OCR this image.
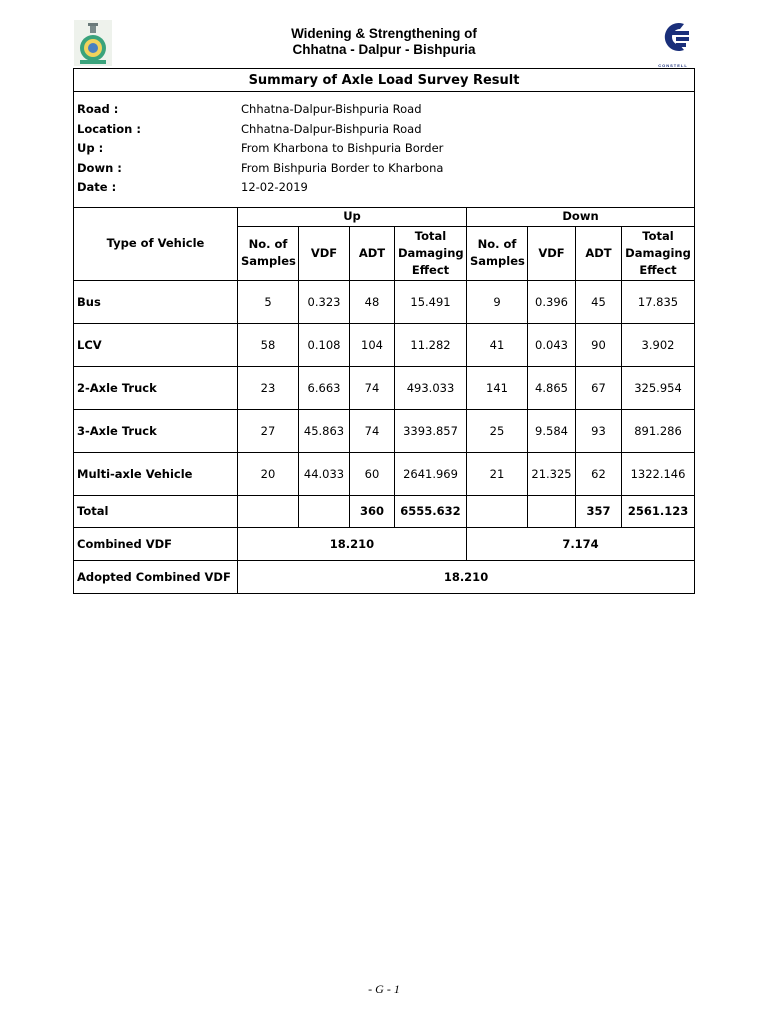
Widening & Strengthening of
Chhatna - Dalpur - Bishpuria
CONSTELL
Summary of Axle Load Survey Result								

Road : Chhatna-Dalpur-Bishpuria Road
Location : Chhatna-Dalpur-Bishpuria Road
Up : From Kharbona to Bishpuria Border
Down : From Bishpuria Border to Kharbona
Date : 12-02-2019								

Type of Vehicle	Up				Down			
	No. of Samples	VDF	ADT	Total Damaging Effect	No. of Samples	VDF	ADT	Total Damaging Effect
Bus	5	0.323	48	15.491	9	0.396	45	17.835
LCV	58	0.108	104	11.282	41	0.043	90	3.902
2-Axle Truck	23	6.663	74	493.033	141	4.865	67	325.954
3-Axle Truck	27	45.863	74	3393.857	25	9.584	93	891.286
Multi-axle Vehicle	20	44.033	60	2641.969	21	21.325	62	1322.146
Total			360	6555.632			357	2561.123
Combined VDF	18.210				7.174			
Adopted Combined VDF	18.210							
- G - 1
